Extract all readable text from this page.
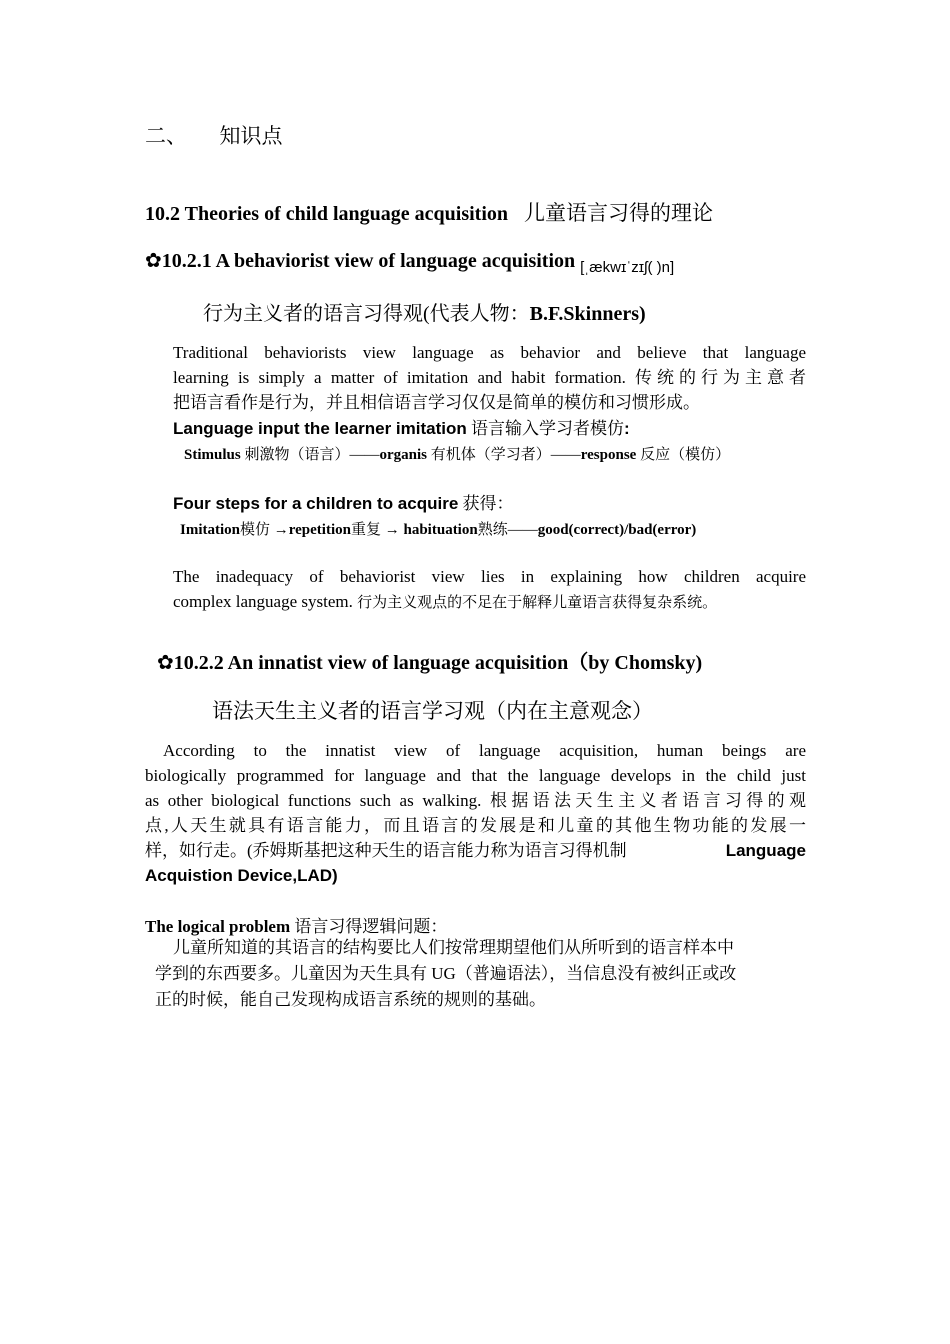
二、 知识点
10.2 Theories of child language acquisition 儿童语言习得的理论
✿10.2.1 A behaviorist view of language acquisition $_{[ˌækwɪˈzɪʃ( )n]}$
行为主义者的语言习得观(代表人物：B.F.Skinners)
Traditional behaviorists view language as behavior and believe that language
learning is simply a matter of imitation and habit formation. 传统的行为主意者
把语言看作是行为，并且相信语言学习仅仅是简单的模仿和习惯形成。
Language input the learner imitation 语言输入学习者模仿:
Stimulus 刺激物（语言）——organis 有机体（学习者）——response 反应（模仿）
Four steps for a children to acquire 获得：
Imitation模仿 →repetition重复 → habituation熟练——good(correct)/bad(error)
The inadequacy of behaviorist view lies in explaining how children acquire
complex language system. 行为主义观点的不足在于解释儿童语言获得复杂系统。
✿10.2.2 An innatist view of language acquisition（by Chomsky)
语法天生主义者的语言学习观（内在主意观念）
According to the innatist view of language acquisition, human beings are
biologically programmed for language and that the language develops in the child just
as other biological functions such as walking. 根据语法天生主义者语言习得的观
点,人天生就具有语言能力，而且语言的发展是和儿童的其他生物功能的发展一
样，如行走。(乔姆斯基把这种天生的语言能力称为语言习得机制	Language
Acquistion Device,LAD)
The logical problem 语言习得逻辑问题：
儿童所知道的其语言的结构要比人们按常理期望他们从所听到的语言样本中
学到的东西要多。儿童因为天生具有 UG（普遍语法），当信息没有被纠正或改
正的时候，能自己发现构成语言系统的规则的基础。
